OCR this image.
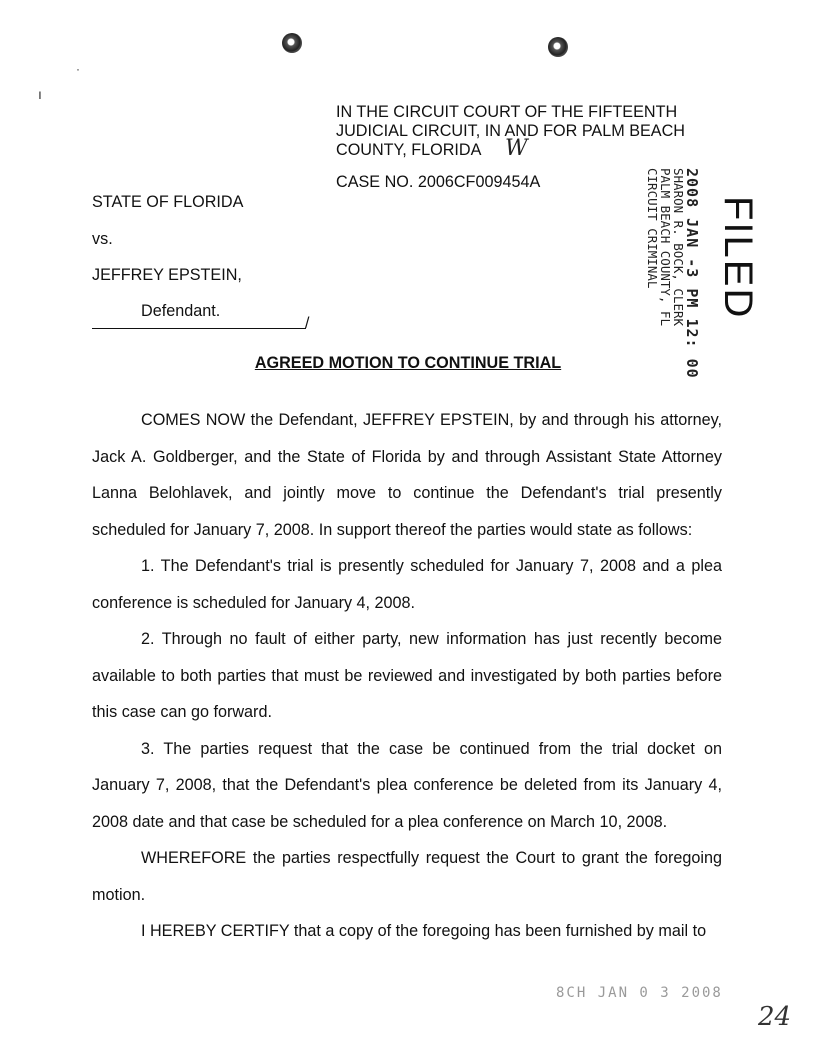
·
ı
IN THE CIRCUIT COURT OF THE FIFTEENTH
JUDICIAL CIRCUIT, IN AND FOR PALM BEACH
COUNTY, FLORIDA	W
CASE NO. 2006CF009454A
STATE OF FLORIDA
vs.
JEFFREY EPSTEIN,
Defendant.
/
FILED
2008 JAN -3 PM 12: 00
SHARON R. BOCK, CLERK
PALM BEACH COUNTY, FL
CIRCUIT CRIMINAL
AGREED MOTION TO CONTINUE TRIAL

COMES NOW the Defendant, JEFFREY EPSTEIN, by and through his attorney, Jack A. Goldberger, and the State of Florida by and through Assistant State Attorney Lanna Belohlavek, and jointly move to continue the Defendant's trial presently scheduled for January 7, 2008. In support thereof the parties would state as follows:

1. The Defendant's trial is presently scheduled for January 7, 2008 and a plea conference is scheduled for January 4, 2008.

2. Through no fault of either party, new information has just recently become available to both parties that must be reviewed and investigated by both parties before this case can go forward.

3. The parties request that the case be continued from the trial docket on January 7, 2008, that the Defendant's plea conference be deleted from its January 4, 2008 date and that case be scheduled for a plea conference on March 10, 2008.

WHEREFORE the parties respectfully request the Court to grant the foregoing motion.

I HEREBY CERTIFY that a copy of the foregoing has been furnished by mail to

8CH JAN 0 3 2008
24
